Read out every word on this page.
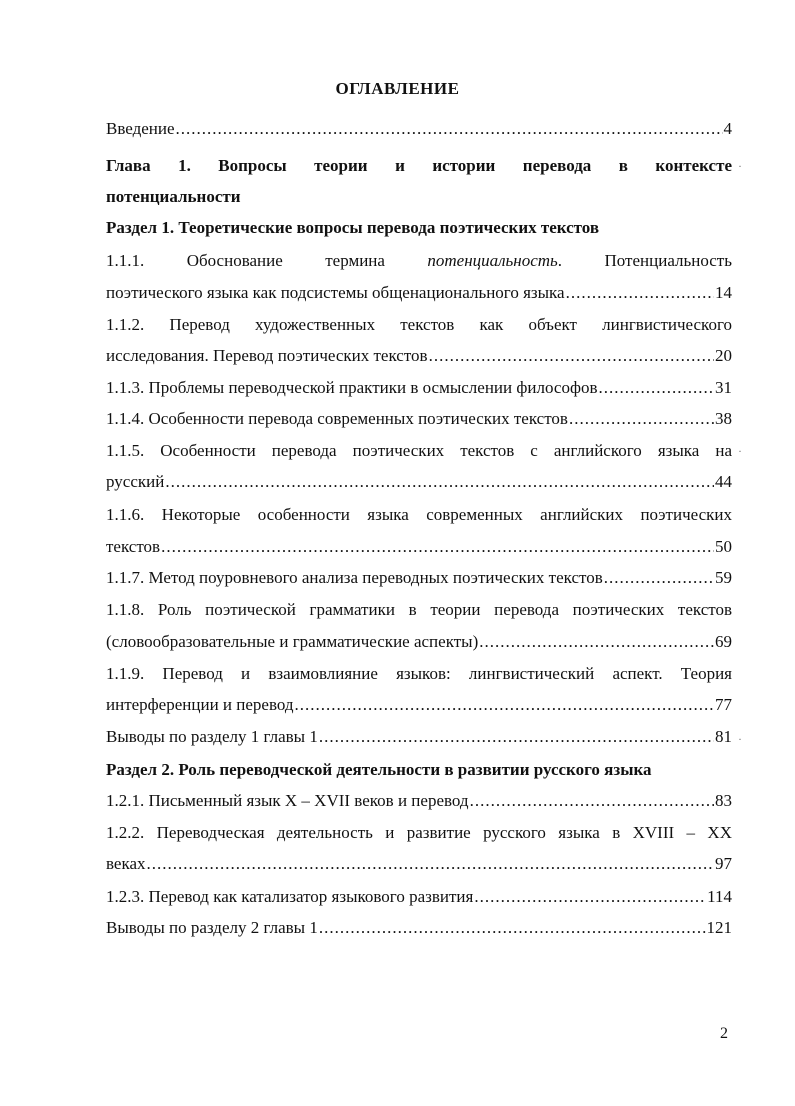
ОГЛАВЛЕНИЕ
Введение .....	4
Глава 1. Вопросы теории и истории перевода в контексте
потенциальности
Раздел 1. Теоретические вопросы перевода поэтических текстов
1.1.1. Обоснование термина потенциальность. Потенциальность
поэтического языка как подсистемы общенационального языка .....	14
1.1.2. Перевод художественных текстов как объект лингвистического
исследования. Перевод поэтических текстов .....	20
1.1.3. Проблемы переводческой практики в осмыслении философов .....	31
1.1.4. Особенности перевода современных поэтических текстов .....	38
1.1.5. Особенности перевода поэтических текстов с английского языка на
русский .....	44
1.1.6. Некоторые особенности языка современных английских поэтических
текстов .....	50
1.1.7. Метод поуровневого анализа переводных поэтических текстов .....	59
1.1.8. Роль поэтической грамматики в теории перевода поэтических текстов
(словообразовательные и грамматические аспекты) .....	69
1.1.9. Перевод и взаимовлияние языков: лингвистический аспект. Теория
интерференции и перевод .....	77
Выводы по разделу 1 главы 1 .....	81
Раздел 2. Роль переводческой деятельности в развитии русского языка
1.2.1. Письменный язык X – XVII веков и перевод .....	83
1.2.2. Переводческая деятельность и развитие русского языка в XVIII – XX
веках .....	97
1.2.3. Перевод как катализатор языкового развития .....	114
Выводы по разделу 2 главы 1 .....	121
·
·
·
2
